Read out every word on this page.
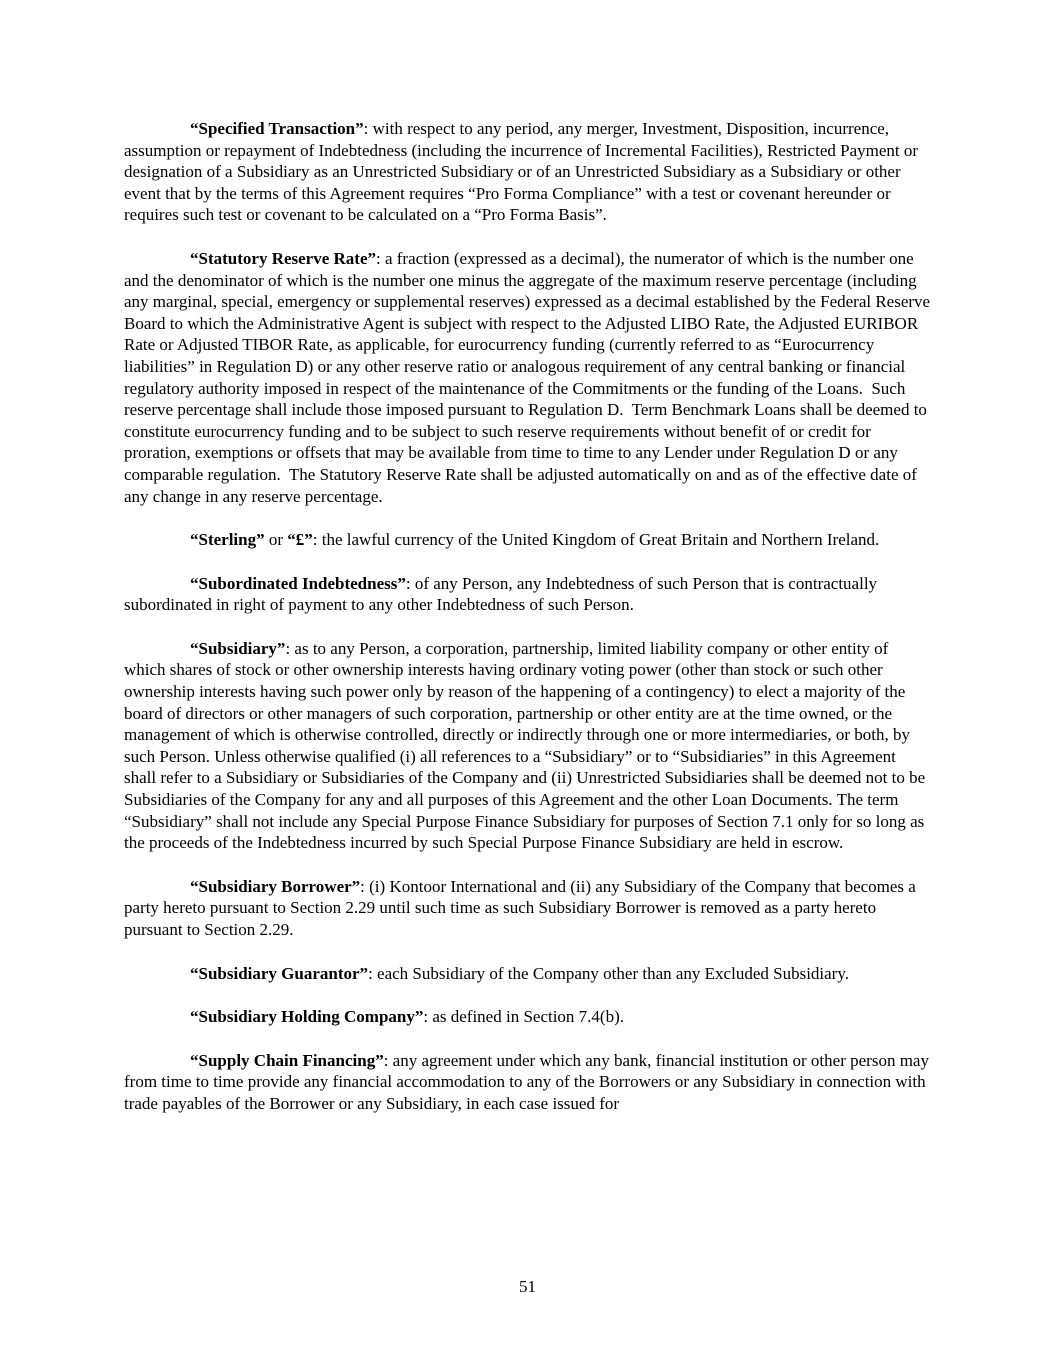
“Specified Transaction”: with respect to any period, any merger, Investment, Disposition, incurrence, assumption or repayment of Indebtedness (including the incurrence of Incremental Facilities), Restricted Payment or designation of a Subsidiary as an Unrestricted Subsidiary or of an Unrestricted Subsidiary as a Subsidiary or other event that by the terms of this Agreement requires “Pro Forma Compliance” with a test or covenant hereunder or requires such test or covenant to be calculated on a “Pro Forma Basis”.

“Statutory Reserve Rate”: a fraction (expressed as a decimal), the numerator of which is the number one and the denominator of which is the number one minus the aggregate of the maximum reserve percentage (including any marginal, special, emergency or supplemental reserves) expressed as a decimal established by the Federal Reserve Board to which the Administrative Agent is subject with respect to the Adjusted LIBO Rate, the Adjusted EURIBOR Rate or Adjusted TIBOR Rate, as applicable, for eurocurrency funding (currently referred to as “Eurocurrency liabilities” in Regulation D) or any other reserve ratio or analogous requirement of any central banking or financial regulatory authority imposed in respect of the maintenance of the Commitments or the funding of the Loans.  Such reserve percentage shall include those imposed pursuant to Regulation D.  Term Benchmark Loans shall be deemed to constitute eurocurrency funding and to be subject to such reserve requirements without benefit of or credit for proration, exemptions or offsets that may be available from time to time to any Lender under Regulation D or any comparable regulation.  The Statutory Reserve Rate shall be adjusted automatically on and as of the effective date of any change in any reserve percentage.

“Sterling” or “£”: the lawful currency of the United Kingdom of Great Britain and Northern Ireland.

“Subordinated Indebtedness”: of any Person, any Indebtedness of such Person that is contractually subordinated in right of payment to any other Indebtedness of such Person.

“Subsidiary”: as to any Person, a corporation, partnership, limited liability company or other entity of which shares of stock or other ownership interests having ordinary voting power (other than stock or such other ownership interests having such power only by reason of the happening of a contingency) to elect a majority of the board of directors or other managers of such corporation, partnership or other entity are at the time owned, or the management of which is otherwise controlled, directly or indirectly through one or more intermediaries, or both, by such Person. Unless otherwise qualified (i) all references to a “Subsidiary” or to “Subsidiaries” in this Agreement shall refer to a Subsidiary or Subsidiaries of the Company and (ii) Unrestricted Subsidiaries shall be deemed not to be Subsidiaries of the Company for any and all purposes of this Agreement and the other Loan Documents. The term “Subsidiary” shall not include any Special Purpose Finance Subsidiary for purposes of Section 7.1 only for so long as the proceeds of the Indebtedness incurred by such Special Purpose Finance Subsidiary are held in escrow.

“Subsidiary Borrower”: (i) Kontoor International and (ii) any Subsidiary of the Company that becomes a party hereto pursuant to Section 2.29 until such time as such Subsidiary Borrower is removed as a party hereto pursuant to Section 2.29.

“Subsidiary Guarantor”: each Subsidiary of the Company other than any Excluded Subsidiary.

“Subsidiary Holding Company”: as defined in Section 7.4(b).

“Supply Chain Financing”: any agreement under which any bank, financial institution or other person may from time to time provide any financial accommodation to any of the Borrowers or any Subsidiary in connection with trade payables of the Borrower or any Subsidiary, in each case issued for

51
